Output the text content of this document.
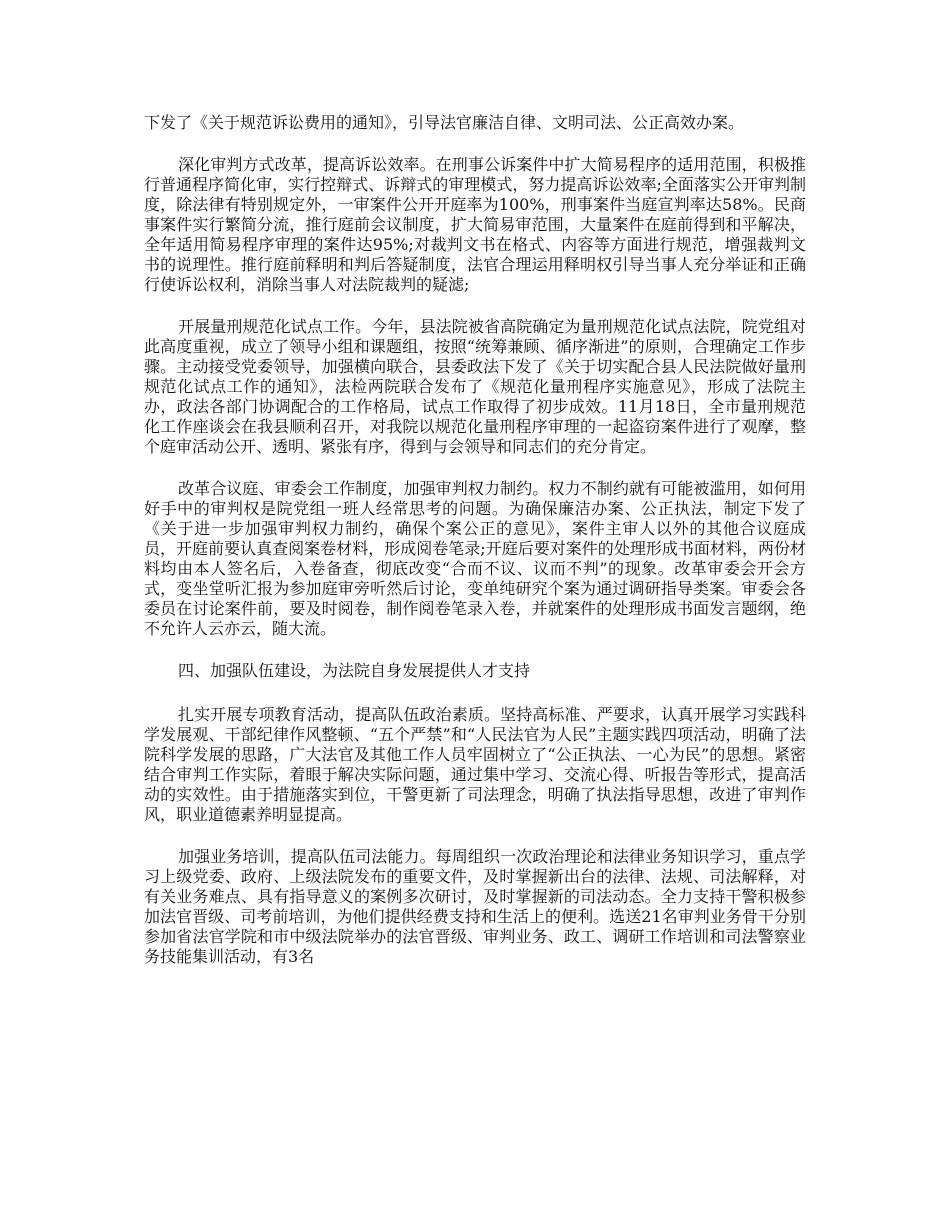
下发了《关于规范诉讼费用的通知》，引导法官廉洁自律、文明司法、公正高效办案。

深化审判方式改革，提高诉讼效率。在刑事公诉案件中扩大简易程序的适用范围，积极推行普通程序简化审，实行控辩式、诉辩式的审理模式，努力提高诉讼效率;全面落实公开审判制度，除法律有特别规定外，一审案件公开开庭率为100%，刑事案件当庭宣判率达58%。民商事案件实行繁简分流，推行庭前会议制度，扩大简易审范围，大量案件在庭前得到和平解决，全年适用简易程序审理的案件达95%;对裁判文书在格式、内容等方面进行规范，增强裁判文书的说理性。推行庭前释明和判后答疑制度，法官合理运用释明权引导当事人充分举证和正确行使诉讼权利，消除当事人对法院裁判的疑滤;

开展量刑规范化试点工作。今年，县法院被省高院确定为量刑规范化试点法院，院党组对此高度重视，成立了领导小组和课题组，按照“统筹兼顾、循序渐进”的原则，合理确定工作步骤。主动接受党委领导，加强横向联合，县委政法下发了《关于切实配合县人民法院做好量刑规范化试点工作的通知》，法检两院联合发布了《规范化量刑程序实施意见》，形成了法院主办，政法各部门协调配合的工作格局，试点工作取得了初步成效。11月18日，全市量刑规范化工作座谈会在我县顺利召开，对我院以规范化量刑程序审理的一起盗窃案件进行了观摩，整个庭审活动公开、透明、紧张有序，得到与会领导和同志们的充分肯定。

改革合议庭、审委会工作制度，加强审判权力制约。权力不制约就有可能被滥用，如何用好手中的审判权是院党组一班人经常思考的问题。为确保廉洁办案、公正执法，制定下发了《关于进一步加强审判权力制约，确保个案公正的意见》，案件主审人以外的其他合议庭成员，开庭前要认真查阅案卷材料，形成阅卷笔录;开庭后要对案件的处理形成书面材料，两份材料均由本人签名后，入卷备查，彻底改变“合而不议、议而不判”的现象。改革审委会开会方式，变坐堂听汇报为参加庭审旁听然后讨论，变单纯研究个案为通过调研指导类案。审委会各委员在讨论案件前，要及时阅卷，制作阅卷笔录入卷，并就案件的处理形成书面发言题纲，绝不允许人云亦云，随大流。

四、加强队伍建设，为法院自身发展提供人才支持

扎实开展专项教育活动，提高队伍政治素质。坚持高标准、严要求，认真开展学习实践科学发展观、干部纪律作风整顿、“五个严禁”和“人民法官为人民”主题实践四项活动，明确了法院科学发展的思路，广大法官及其他工作人员牢固树立了“公正执法、一心为民”的思想。紧密结合审判工作实际，着眼于解决实际问题，通过集中学习、交流心得、听报告等形式，提高活动的实效性。由于措施落实到位，干警更新了司法理念，明确了执法指导思想，改进了审判作风，职业道德素养明显提高。

加强业务培训，提高队伍司法能力。每周组织一次政治理论和法律业务知识学习，重点学习上级党委、政府、上级法院发布的重要文件，及时掌握新出台的法律、法规、司法解释，对有关业务难点、具有指导意义的案例多次研讨，及时掌握新的司法动态。全力支持干警积极参加法官晋级、司考前培训，为他们提供经费支持和生活上的便利。选送21名审判业务骨干分别参加省法官学院和市中级法院举办的法官晋级、审判业务、政工、调研工作培训和司法警察业务技能集训活动，有3名
